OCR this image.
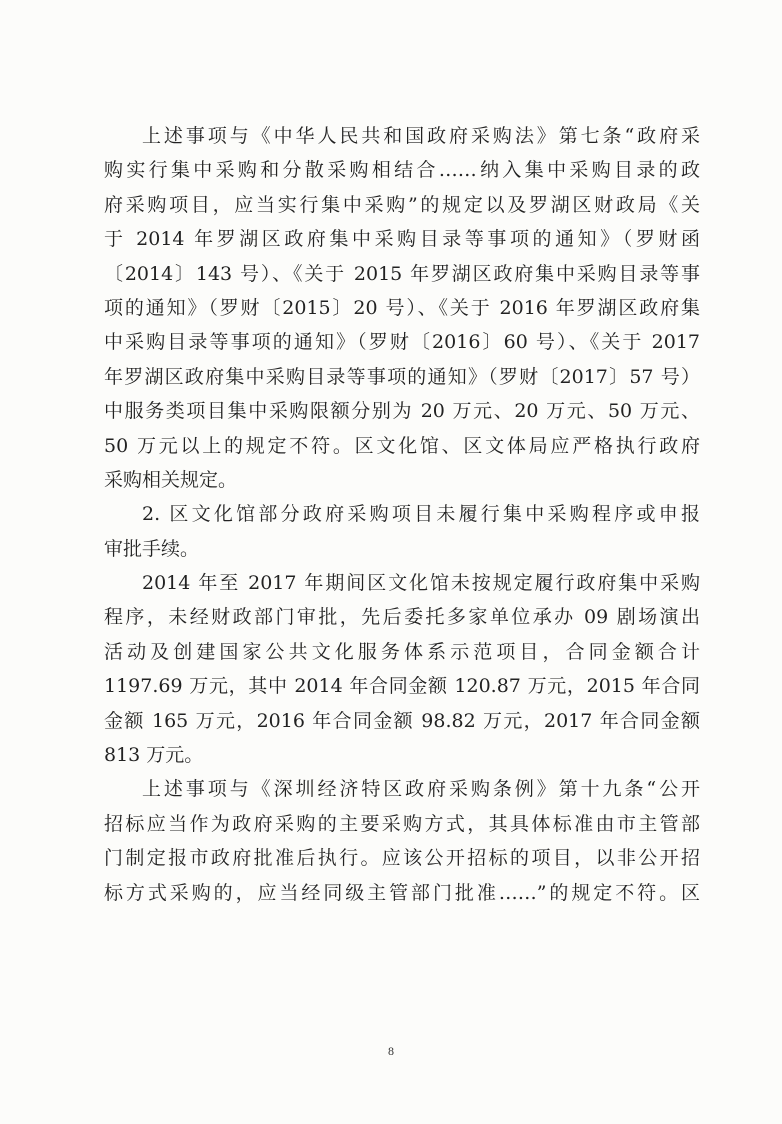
上述事项与《中华人民共和国政府采购法》第七条“政府采
购实行集中采购和分散采购相结合……纳入集中采购目录的政
府采购项目，应当实行集中采购”的规定以及罗湖区财政局《关
于 2014 年罗湖区政府集中采购目录等事项的通知》（罗财函
〔2014〕143 号）、《关于 2015 年罗湖区政府集中采购目录等事
项的通知》（罗财〔2015〕20 号）、《关于 2016 年罗湖区政府集
中采购目录等事项的通知》（罗财〔2016〕60 号）、《关于 2017
年罗湖区政府集中采购目录等事项的通知》（罗财〔2017〕57 号）
中服务类项目集中采购限额分别为 20 万元、20 万元、50 万元、
50 万元以上的规定不符。区文化馆、区文体局应严格执行政府
采购相关规定。
2. 区文化馆部分政府采购项目未履行集中采购程序或申报
审批手续。
2014 年至 2017 年期间区文化馆未按规定履行政府集中采购
程序，未经财政部门审批，先后委托多家单位承办 09 剧场演出
活动及创建国家公共文化服务体系示范项目，合同金额合计
1197.69 万元，其中 2014 年合同金额 120.87 万元，2015 年合同
金额 165 万元，2016 年合同金额 98.82 万元，2017 年合同金额
813 万元。
上述事项与《深圳经济特区政府采购条例》第十九条“公开
招标应当作为政府采购的主要采购方式，其具体标准由市主管部
门制定报市政府批准后执行。应该公开招标的项目，以非公开招
标方式采购的，应当经同级主管部门批准……”的规定不符。区
8
